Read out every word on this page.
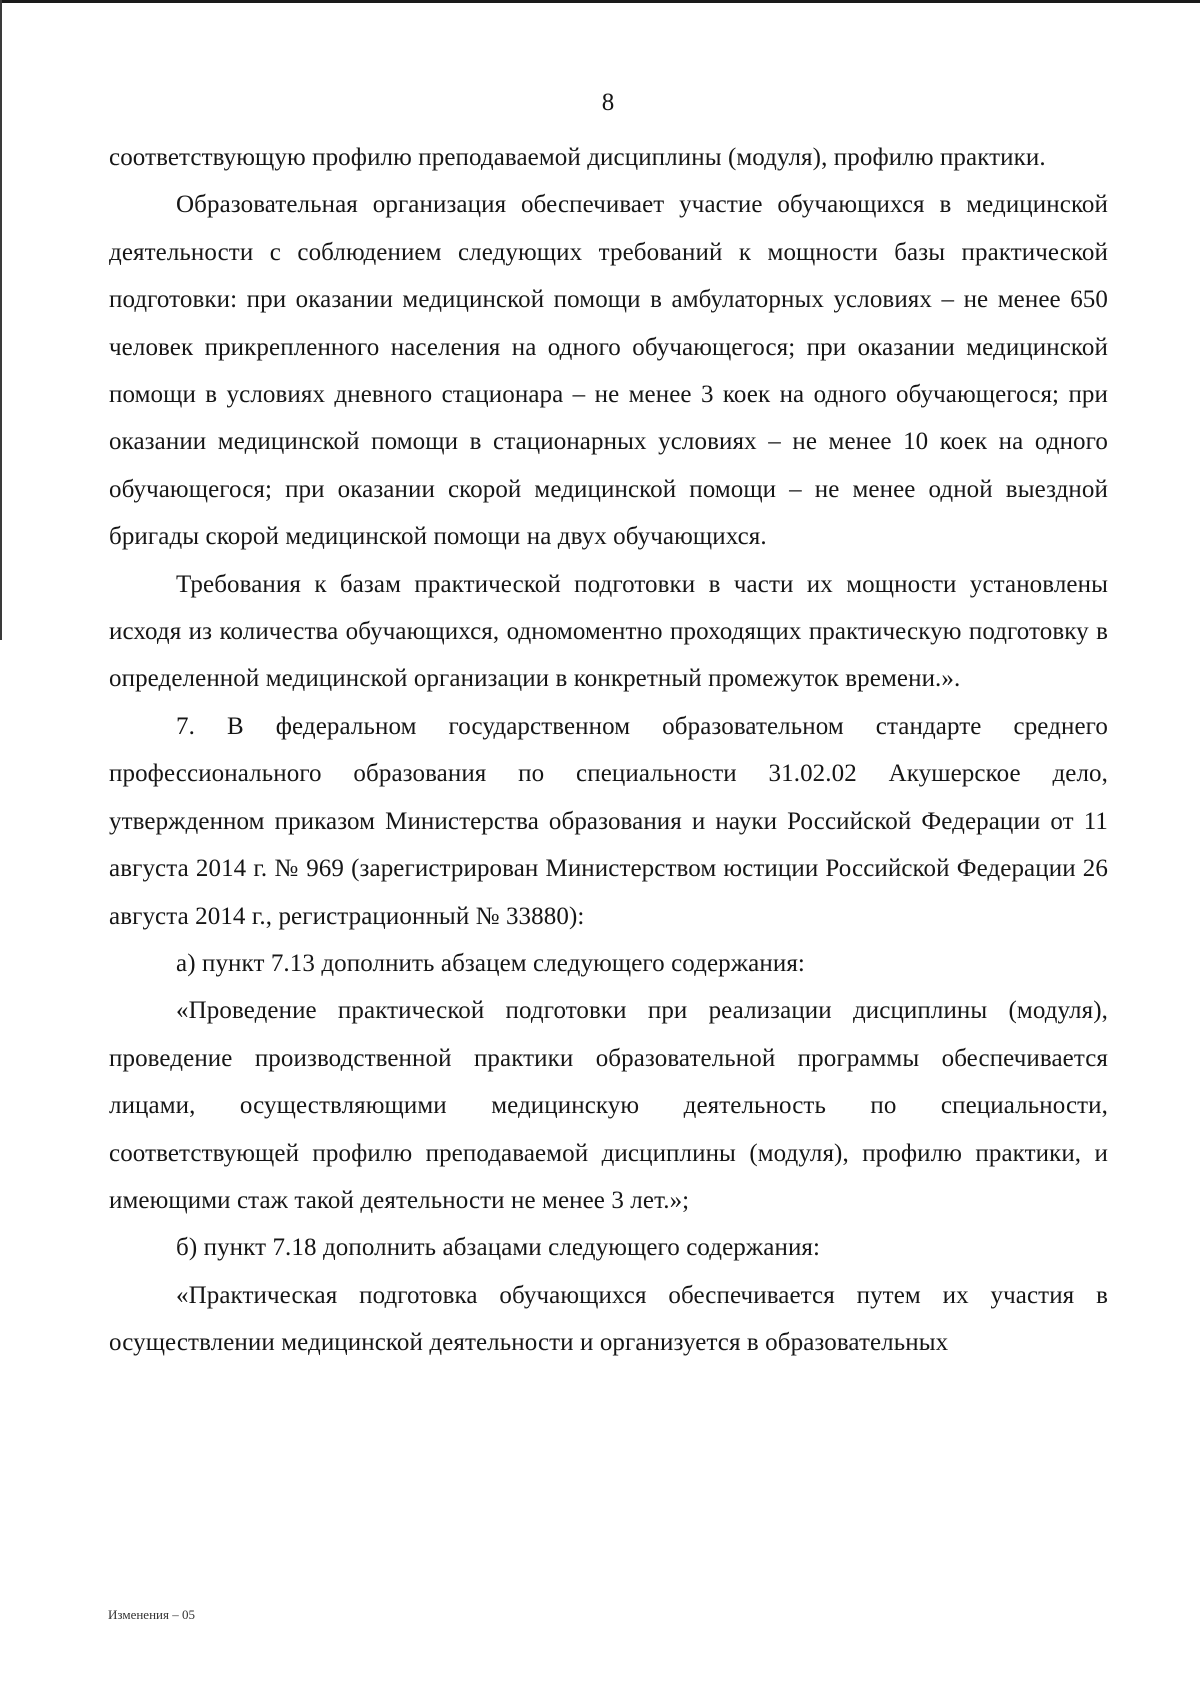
8

соответствующую профилю преподаваемой дисциплины (модуля), профилю практики.

Образовательная организация обеспечивает участие обучающихся в медицинской деятельности с соблюдением следующих требований к мощности базы практической подготовки: при оказании медицинской помощи в амбулаторных условиях – не менее 650 человек прикрепленного населения на одного обучающегося; при оказании медицинской помощи в условиях дневного стационара – не менее 3 коек на одного обучающегося; при оказании медицинской помощи в стационарных условиях – не менее 10 коек на одного обучающегося; при оказании скорой медицинской помощи – не менее одной выездной бригады скорой медицинской помощи на двух обучающихся.

Требования к базам практической подготовки в части их мощности установлены исходя из количества обучающихся, одномоментно проходящих практическую подготовку в определенной медицинской организации в конкретный промежуток времени.».

7. В федеральном государственном образовательном стандарте среднего профессионального образования по специальности 31.02.02 Акушерское дело, утвержденном приказом Министерства образования и науки Российской Федерации от 11 августа 2014 г. № 969 (зарегистрирован Министерством юстиции Российской Федерации 26 августа 2014 г., регистрационный № 33880):

а) пункт 7.13 дополнить абзацем следующего содержания:

«Проведение практической подготовки при реализации дисциплины (модуля), проведение производственной практики образовательной программы обеспечивается лицами, осуществляющими медицинскую деятельность по специальности, соответствующей профилю преподаваемой дисциплины (модуля), профилю практики, и имеющими стаж такой деятельности не менее 3 лет.»;

б) пункт 7.18 дополнить абзацами следующего содержания:

«Практическая подготовка обучающихся обеспечивается путем их участия в осуществлении медицинской деятельности и организуется в образовательных

Изменения – 05
